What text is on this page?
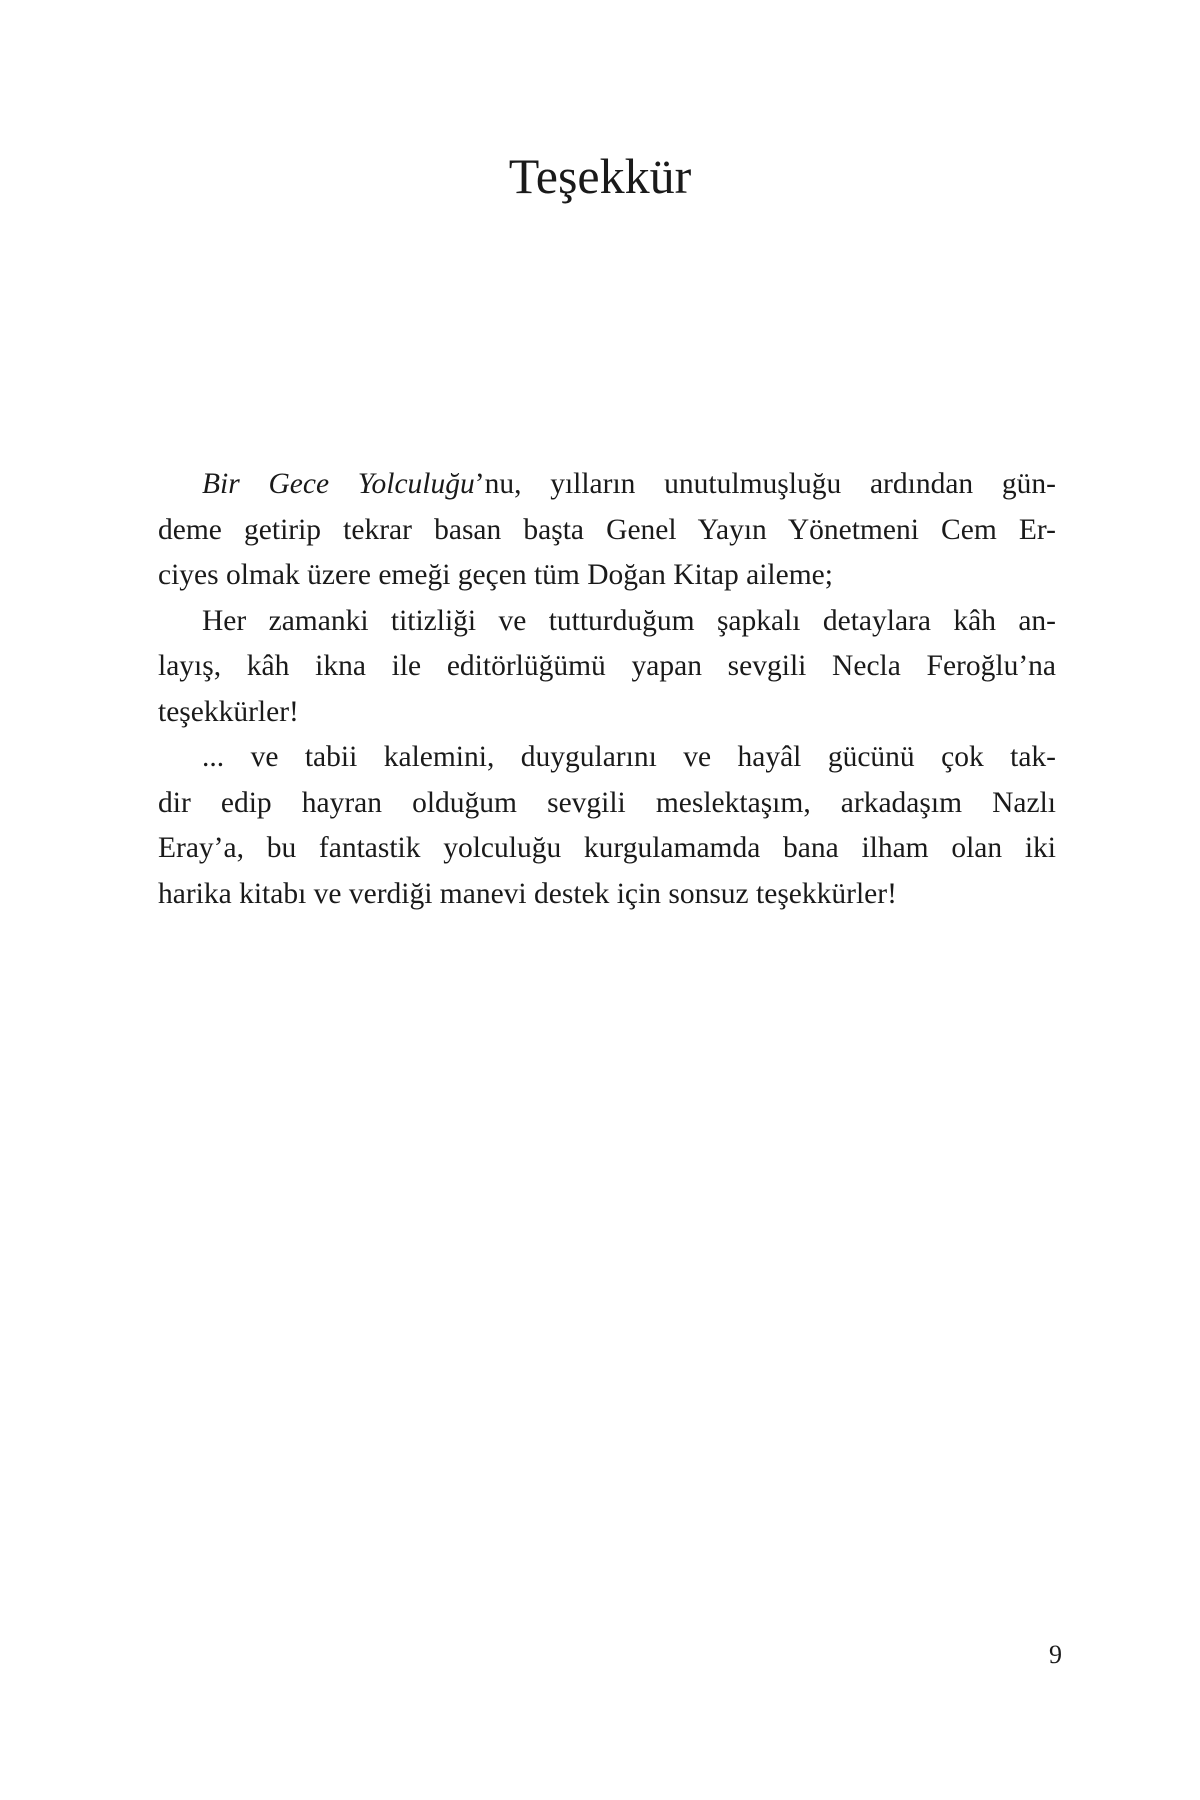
Teşekkür
Bir Gece Yolculuğu’nu, yılların unutulmuşluğu ardından gün-
deme getirip tekrar basan başta Genel Yayın Yönetmeni Cem Er-
ciyes olmak üzere emeği geçen tüm Doğan Kitap aileme;
Her zamanki titizliği ve tutturduğum şapkalı detaylara kâh an-
layış, kâh ikna ile editörlüğümü yapan sevgili Necla Feroğlu’na
teşekkürler!
... ve tabii kalemini, duygularını ve hayâl gücünü çok tak-
dir edip hayran olduğum sevgili meslektaşım, arkadaşım Nazlı
Eray’a, bu fantastik yolculuğu kurgulamamda bana ilham olan iki
harika kitabı ve verdiği manevi destek için sonsuz teşekkürler!
9
